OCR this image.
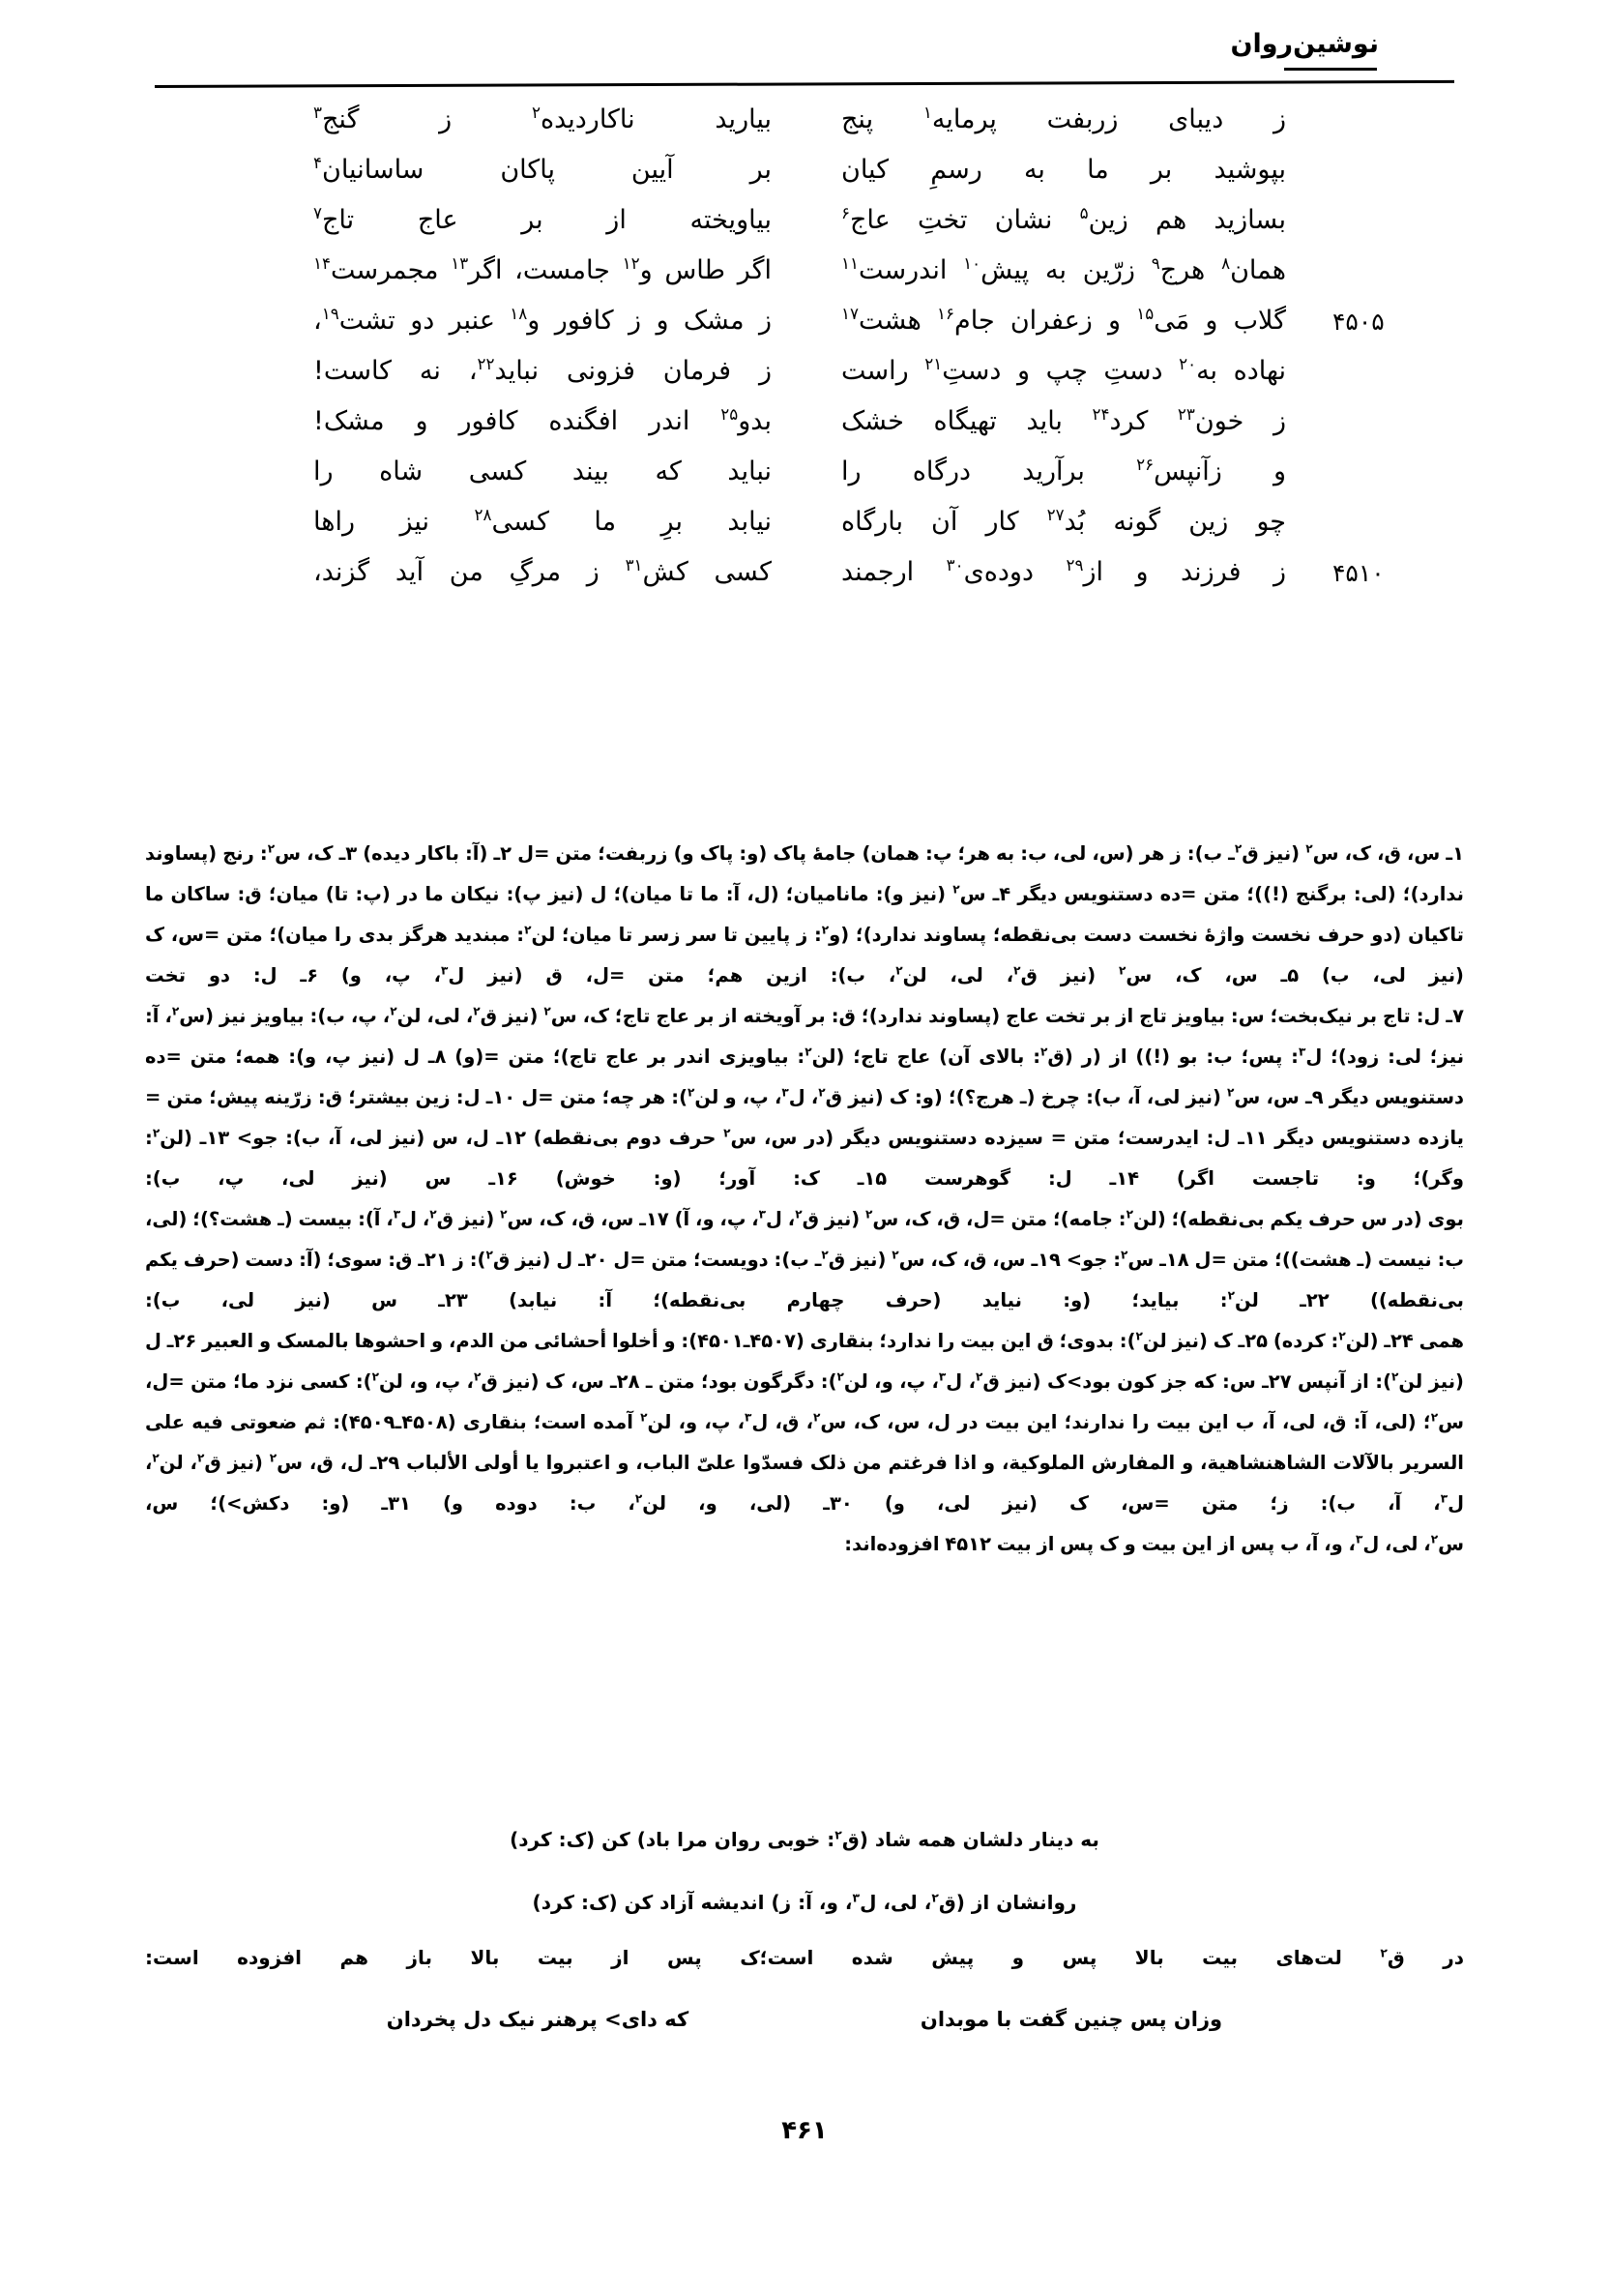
نوشین‌روان
ز دیبای زربفت پرمایه$^۱$ پنج
بیارید ناکاردیده$^۲$ ز گنج$^۳$
بپوشید بر ما به رسمِ کیان
بر آیین پاکان ساسانیان$^۴$
بسازید هم زین$^۵$ نشان تختِ عاج$^۶$
بیاویخته از بر عاج تاج$^۷$
همان$^۸$ هرج$^۹$ زرّین به پیش$^{۱۰}$ اندرست$^{۱۱}$
اگر طاس و$^{۱۲}$ جامست، اگر$^{۱۳}$ مجمرست$^{۱۴}$
گلاب و مَی$^{۱۵}$ و زعفران جام$^{۱۶}$ هشت$^{۱۷}$	۴۵۰۵
ز مشک و ز کافور و$^{۱۸}$ عنبر دو تشت$^{۱۹}$،
نهاده به$^{۲۰}$ دستِ چپ و دستِ$^{۲۱}$ راست
ز فرمان فزونی نباید$^{۲۲}$، نه کاست!
ز خون$^{۲۳}$ کرد$^{۲۴}$ باید تهیگاه خشک
بدو$^{۲۵}$ اندر افگنده کافور و مشک!
و زآنپس$^{۲۶}$ برآرید درگاه را
نباید که بیند کسی شاه را
چو زین گونه بُد$^{۲۷}$ کار آن بارگاه
نیابد برِ ما کسی$^{۲۸}$ نیز راها
ز فرزند و از$^{۲۹}$ دوده‌ی$^{۳۰}$ ارجمند	۴۵۱۰
کسی کش$^{۳۱}$ ز مرگِ من آید گزند،

۱ـ س، ق، ک، س$^۲$ (نیز ق$^۲$ـ ب): ز هر (س، لی، ب: به هر؛ پ: همان) جامۀ پاک (و: پاک و) زربفت؛ متن =ل ۲ـ (آ: باکار دیده) ۳ـ ک، س$^۲$: رنج (پساوند ندارد)؛ (لی: برگنج (!))؛ متن =ده دستنویس دیگر ۴ـ س$^۲$ (نیز و): مانامیان؛ (ل، آ: ما تا میان)؛ ل (نیز پ): نیکان ما در (پ: تا) میان؛ ق: ساکان ما تاکیان (دو حرف نخست واژۀ نخست دست بی‌نقطه؛ پساوند ندارد)؛ (و$^۲$: ز پایین تا سر زسر تا میان؛ لن$^۲$: مبندید هرگز بدی را میان)؛ متن =س، ک (نیز لی، ب) ۵ـ س، ک، س$^۲$ (نیز ق$^۲$، لی، لن$^۲$، ب): ازین هم؛ متن =ل، ق (نیز ل$^۳$، پ، و) ۶ـ ل: دو تخت

۷ـ ل: تاج بر نیک‌بخت؛ س: بیاویز تاج از بر تخت عاج (پساوند ندارد)؛ ق: بر آویخته از بر عاج تاج؛ ک، س$^۲$ (نیز ق$^۲$، لی، لن$^۲$، پ، ب): بیاویز نیز (س$^۲$، آ: نیز؛ لی: زود)؛ ل$^۳$: پس؛ ب: بو (!)) از (ر (ق$^۲$: بالای آن) عاج تاج؛ (لن$^۲$: بیاویزی اندر بر عاج تاج)؛ متن =(و) ۸ـ ل (نیز پ، و): همه؛ متن =ده دستنویس دیگر ۹ـ س، س$^۲$ (نیز لی، آ، ب): چرخ (ـ هرج؟)؛ (و: ک (نیز ق$^۲$، ل$^۳$، پ، و لن$^۲$): هر چه؛ متن =ل ۱۰ـ ل: زین بیشتر؛ ق: زرّینه پیش؛ متن = یازده دستنویس دیگر ۱۱ـ ل: ایدرست؛ متن = سیزده دستنویس دیگر (در س، س$^۲$ حرف دوم بی‌نقطه) ۱۲ـ ل، س (نیز لی، آ، ب): جو> ۱۳ـ (لن$^۲$: وگر)؛ و: تاجست اگر) ۱۴ـ ل: گوهرست ۱۵ـ ک: آور؛ (و: خوش) ۱۶ـ س (نیز لی، پ، ب):

بوی (در س حرف یکم بی‌نقطه)؛ (لن$^۲$: جامه)؛ متن =ل، ق، ک، س$^۲$ (نیز ق$^۲$، ل$^۳$، پ، و، آ) ۱۷ـ س، ق، ک، س$^۲$ (نیز ق$^۲$، ل$^۳$، آ): بیست (ـ هشت؟)؛ (لی، ب: نیست (ـ هشت))؛ متن =ل ۱۸ـ س$^۲$: جو> ۱۹ـ س، ق، ک، س$^۲$ (نیز ق$^۲$ـ ب): دویست؛ متن =ل ۲۰ـ ل (نیز ق$^۲$): ز ۲۱ـ ق: سوی؛ (آ: دست (حرف یکم بی‌نقطه)) ۲۲ـ لن$^۲$: بیاید؛ (و: نیاید (حرف چهارم بی‌نقطه)؛ آ: نیابد) ۲۳ـ س (نیز لی، ب):

همی ۲۴ـ (لن$^۲$: کرده) ۲۵ـ ک (نیز لن$^۲$): بدوی؛ ق این بیت را ندارد؛ بنقاری (۴۵۰۷ـ۴۵۰۱): و أخلوا أحشائی من الدم، و احشوها بالمسک و العبیر ۲۶ـ ل (نیز لن$^۲$): از آنپس ۲۷ـ س: که جز کون بود>ک (نیز ق$^۲$، ل$^۳$، پ، و، لن$^۲$): دگرگون بود؛ متن ـ ۲۸ـ س، ک (نیز ق$^۲$، پ، و، لن$^۲$): کسی نزد ما؛ متن =ل، س$^۲$؛ (لی، آ: ق، لی، آ، ب این بیت را ندارند؛ این بیت در ل، س، ک، س$^۲$، ق، ل$^۳$، پ، و، لن$^۲$ آمده است؛ بنقاری (۴۵۰۸ـ۴۵۰۹): ثم ضعوتی فیه علی السریر بالآلات الشاهنشاهیة، و المفارش الملوکیة، و اذا فرغتم من ذلک فسدّوا علیّ الباب، و اعتبروا یا أولی الألباب ۲۹ـ ل، ق، س$^۲$ (نیز ق$^۲$، لن$^۲$، ل$^۳$، آ، ب): ز؛ متن =س، ک (نیز لی، و) ۳۰ـ (لی، و، لن$^۲$، ب: دوده و) ۳۱ـ (و: دکش>)؛ س،

س$^۲$، لی، ل$^۳$، و، آ، ب پس از این بیت و ک پس از بیت ۴۵۱۲ افزوده‌اند:

به دینار دلشان همه شاد (ق$^۲$: خوبی روان مرا باد) کن (ک: کرد)
روانشان از (ق$^۲$، لی، ل$^۳$، و، آ: ز) اندیشه آزاد کن (ک: کرد)
در ق$^۲$ لت‌های بیت بالا پس و پیش شده است؛ک پس از بیت بالا باز هم افزوده است:
وزان پس چنین گفت با موبدان
که دای> پرهنر نیک دل پخردان
۴۶۱
